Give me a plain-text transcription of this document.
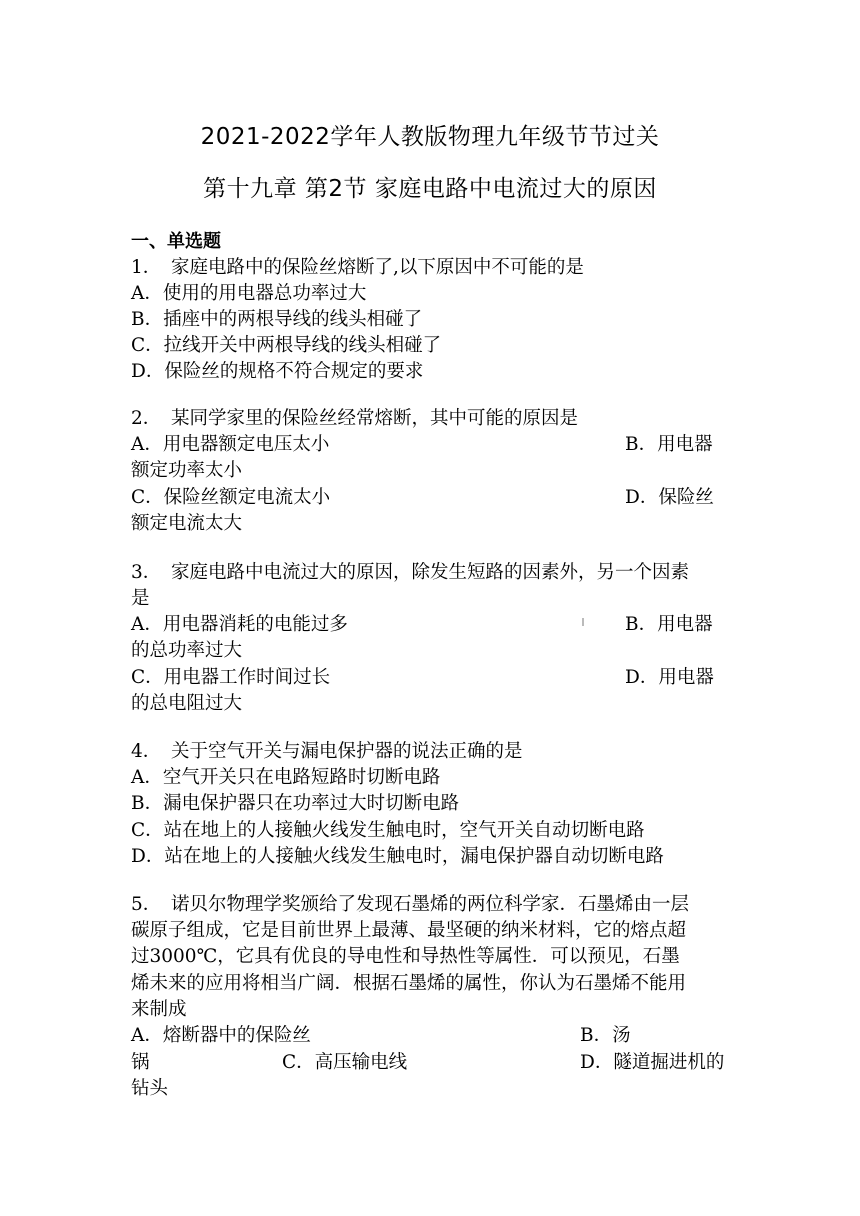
2021-2022学年人教版物理九年级节节过关
第十九章 第2节 家庭电路中电流过大的原因
一、单选题
1． 家庭电路中的保险丝熔断了,以下原因中不可能的是
A．使用的用电器总功率过大
B．插座中的两根导线的线头相碰了
C．拉线开关中两根导线的线头相碰了
D．保险丝的规格不符合规定的要求
2． 某同学家里的保险丝经常熔断，其中可能的原因是
A．用电器额定电压太小	B．用电器
额定功率太小
C．保险丝额定电流太小	D．保险丝
额定电流太大
3． 家庭电路中电流过大的原因，除发生短路的因素外，另一个因素
是
A．用电器消耗的电能过多	B．用电器
的总功率过大
C．用电器工作时间过长	D．用电器
的总电阻过大
4． 关于空气开关与漏电保护器的说法正确的是
A．空气开关只在电路短路时切断电路
B．漏电保护器只在功率过大时切断电路
C．站在地上的人接触火线发生触电时，空气开关自动切断电路
D．站在地上的人接触火线发生触电时，漏电保护器自动切断电路
5． 诺贝尔物理学奖颁给了发现石墨烯的两位科学家．石墨烯由一层
碳原子组成，它是目前世界上最薄、最坚硬的纳米材料，它的熔点超
过3000℃，它具有优良的导电性和导热性等属性．可以预见，石墨
烯未来的应用将相当广阔．根据石墨烯的属性，你认为石墨烯不能用
来制成
A．熔断器中的保险丝	B．汤
锅	C．高压输电线	D．隧道掘进机的
钻头
